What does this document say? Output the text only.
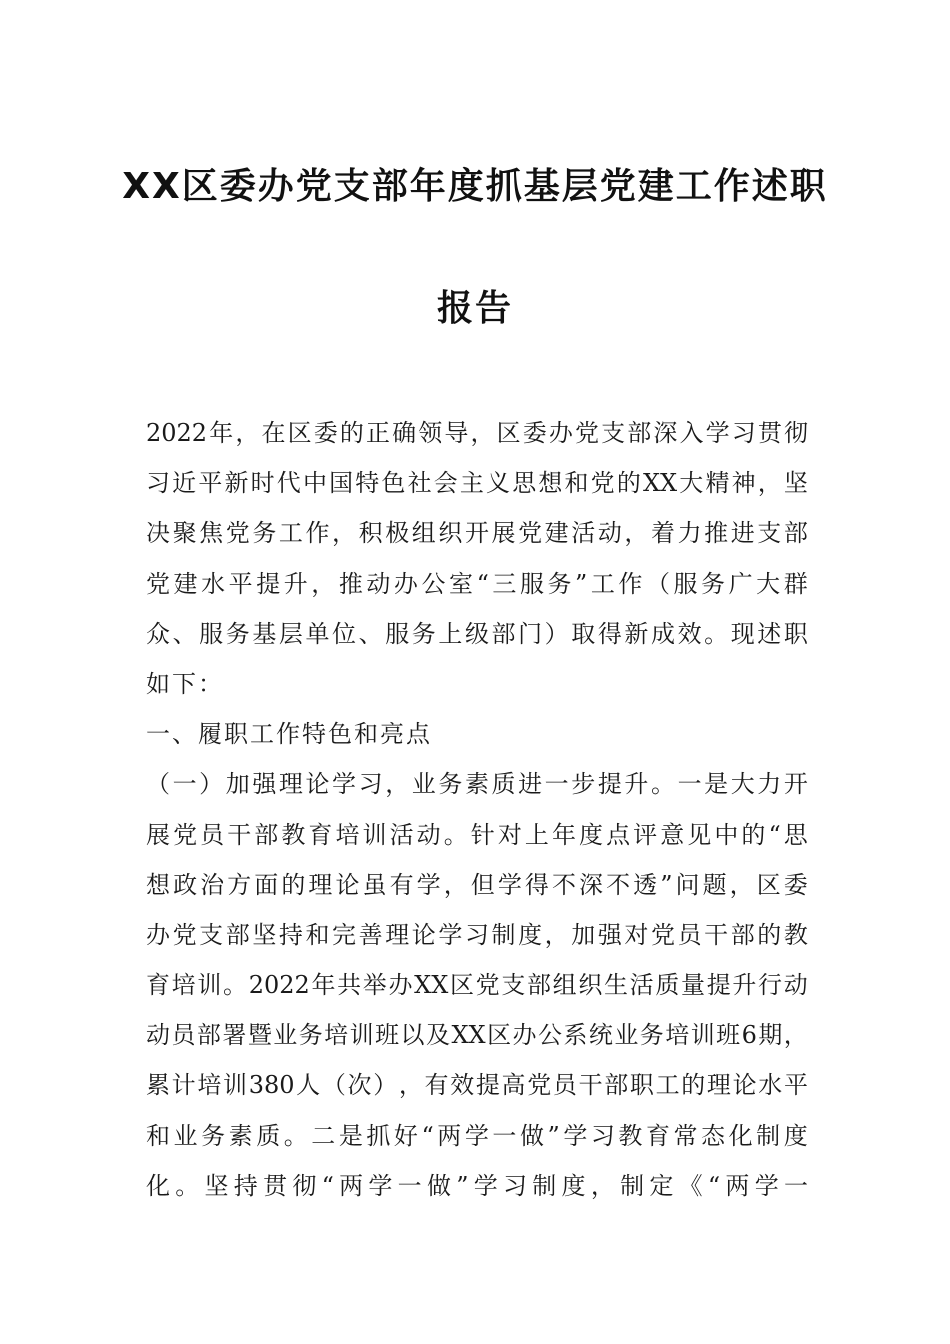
XX区委办党支部年度抓基层党建工作述职
报告
2022 年 ， 在 区 委 的 正 确 领 导 ， 区 委 办 党 支 部 深 入 学 习 贯 彻
习 近 平 新 时 代 中 国 特 色 社 会 主 义 思 想 和 党 的 XX 大 精 神 ， 坚
决 聚 焦 党 务 工 作 ， 积 极 组 织 开 展 党 建 活 动 ， 着 力 推 进 支 部
党 建 水 平 提 升 ， 推 动 办 公 室 “ 三 服 务 ” 工 作 （ 服 务 广 大 群
众 、 服 务 基 层 单 位 、 服 务 上 级 部 门 ） 取 得 新 成 效 。 现 述 职
如 下 ：
一 、 履 职 工 作 特 色 和 亮 点
（ 一 ） 加 强 理 论 学 习 ， 业 务 素 质 进 一 步 提 升 。 一 是 大 力 开
展 党 员 干 部 教 育 培 训 活 动 。 针 对 上 年 度 点 评 意 见 中 的 “ 思
想 政 治 方 面 的 理 论 虽 有 学 ， 但 学 得 不 深 不 透 ” 问 题 ， 区 委
办 党 支 部 坚 持 和 完 善 理 论 学 习 制 度 ， 加 强 对 党 员 干 部 的 教
育 培 训 。 2022 年 共 举 办 XX 区 党 支 部 组 织 生 活 质 量 提 升 行 动
动 员 部 署 暨 业 务 培 训 班 以 及 XX 区 办 公 系 统 业 务 培 训 班 6 期 ，
累 计 培 训 380 人 （ 次 ） ， 有 效 提 高 党 员 干 部 职 工 的 理 论 水 平
和 业 务 素 质 。 二 是 抓 好 “ 两 学 一 做 ” 学 习 教 育 常 态 化 制 度
化 。 坚 持 贯 彻 “ 两 学 一 做 ” 学 习 制 度 ， 制 定 《 “ 两 学 一
